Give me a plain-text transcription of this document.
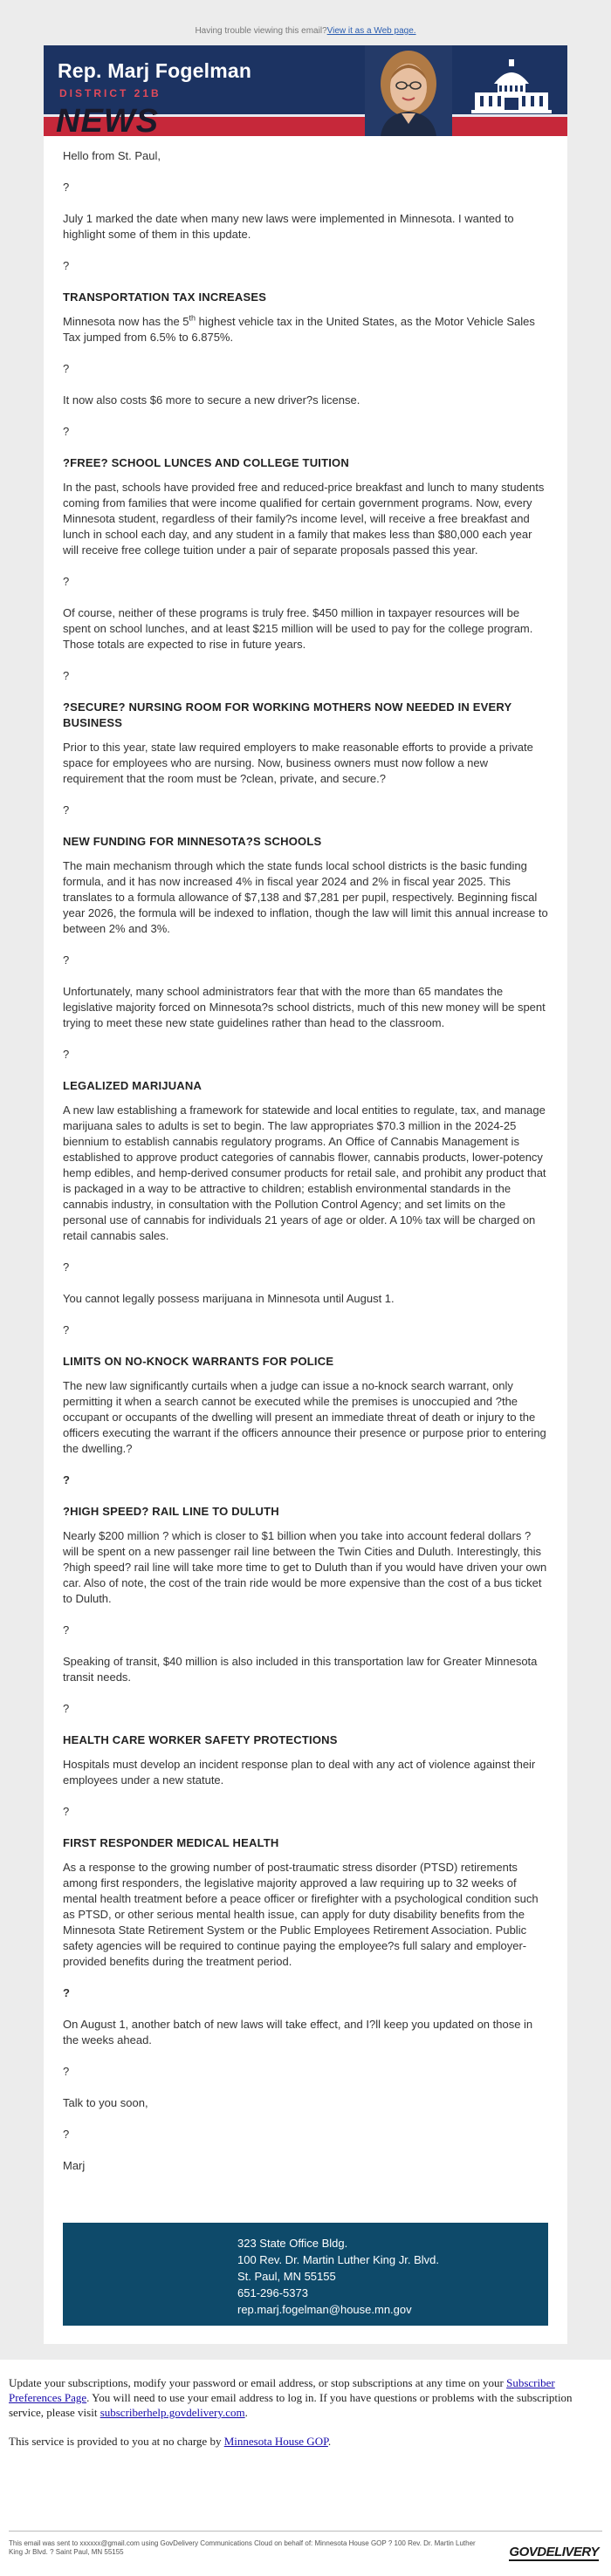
Having trouble viewing this email?View it as a Web page.
Rep. Marj Fogelman
DISTRICT 21B
NEWS

Hello from St. Paul,

?

July 1 marked the date when many new laws were implemented in Minnesota. I wanted to highlight some of them in this update.

?

TRANSPORTATION TAX INCREASES

Minnesota now has the 5th highest vehicle tax in the United States, as the Motor Vehicle Sales Tax jumped from 6.5% to 6.875%.

?

It now also costs $6 more to secure a new driver?s license.

?

?FREE? SCHOOL LUNCES AND COLLEGE TUITION

In the past, schools have provided free and reduced-price breakfast and lunch to many students coming from families that were income qualified for certain government programs. Now, every Minnesota student, regardless of their family?s income level, will receive a free breakfast and lunch in school each day, and any student in a family that makes less than $80,000 each year will receive free college tuition under a pair of separate proposals passed this year.

?

Of course, neither of these programs is truly free. $450 million in taxpayer resources will be spent on school lunches, and at least $215 million will be used to pay for the college program. Those totals are expected to rise in future years.

?

?SECURE? NURSING ROOM FOR WORKING MOTHERS NOW NEEDED IN EVERY BUSINESS

Prior to this year, state law required employers to make reasonable efforts to provide a private space for employees who are nursing. Now, business owners must now follow a new requirement that the room must be ?clean, private, and secure.?

?

NEW FUNDING FOR MINNESOTA?S SCHOOLS

The main mechanism through which the state funds local school districts is the basic funding formula, and it has now increased 4% in fiscal year 2024 and 2% in fiscal year 2025. This translates to a formula allowance of $7,138 and $7,281 per pupil, respectively. Beginning fiscal year 2026, the formula will be indexed to inflation, though the law will limit this annual increase to between 2% and 3%.

?

Unfortunately, many school administrators fear that with the more than 65 mandates the legislative majority forced on Minnesota?s school districts, much of this new money will be spent trying to meet these new state guidelines rather than head to the classroom.

?

LEGALIZED MARIJUANA

A new law establishing a framework for statewide and local entities to regulate, tax, and manage marijuana sales to adults is set to begin. The law appropriates $70.3 million in the 2024-25 biennium to establish cannabis regulatory programs. An Office of Cannabis Management is established to approve product categories of cannabis flower, cannabis products, lower-potency hemp edibles, and hemp-derived consumer products for retail sale, and prohibit any product that is packaged in a way to be attractive to children; establish environmental standards in the cannabis industry, in consultation with the Pollution Control Agency; and set limits on the personal use of cannabis for individuals 21 years of age or older. A 10% tax will be charged on retail cannabis sales.

?

You cannot legally possess marijuana in Minnesota until August 1.

?

LIMITS ON NO-KNOCK WARRANTS FOR POLICE

The new law significantly curtails when a judge can issue a no-knock search warrant, only permitting it when a search cannot be executed while the premises is unoccupied and ?the occupant or occupants of the dwelling will present an immediate threat of death or injury to the officers executing the warrant if the officers announce their presence or purpose prior to entering the dwelling.?

?

?HIGH SPEED? RAIL LINE TO DULUTH

Nearly $200 million ? which is closer to $1 billion when you take into account federal dollars ? will be spent on a new passenger rail line between the Twin Cities and Duluth. Interestingly, this ?high speed? rail line will take more time to get to Duluth than if you would have driven your own car. Also of note, the cost of the train ride would be more expensive than the cost of a bus ticket to Duluth.

?

Speaking of transit, $40 million is also included in this transportation law for Greater Minnesota transit needs.

?

HEALTH CARE WORKER SAFETY PROTECTIONS

Hospitals must develop an incident response plan to deal with any act of violence against their employees under a new statute.

?

FIRST RESPONDER MEDICAL HEALTH

As a response to the growing number of post-traumatic stress disorder (PTSD) retirements among first responders, the legislative majority approved a law requiring up to 32 weeks of mental health treatment before a peace officer or firefighter with a psychological condition such as PTSD, or other serious mental health issue, can apply for duty disability benefits from the Minnesota State Retirement System or the Public Employees Retirement Association. Public safety agencies will be required to continue paying the employee?s full salary and employer-provided benefits during the treatment period.

?

On August 1, another batch of new laws will take effect, and I?ll keep you updated on those in the weeks ahead.

?

Talk to you soon,

?

Marj

323 State Office Bldg.
100 Rev. Dr. Martin Luther King Jr. Blvd.
St. Paul, MN 55155
651-296-5373
rep.marj.fogelman@house.mn.gov

Update your subscriptions, modify your password or email address, or stop subscriptions at any time on your Subscriber Preferences Page. You will need to use your email address to log in. If you have questions or problems with the subscription service, please visit subscriberhelp.govdelivery.com.

This service is provided to you at no charge by Minnesota House GOP.

This email was sent to xxxxxx@gmail.com using GovDelivery Communications Cloud on behalf of: Minnesota House GOP ? 100 Rev. Dr. Martin Luther King Jr Blvd. ? Saint Paul, MN 55155	GOVDELIVERY
